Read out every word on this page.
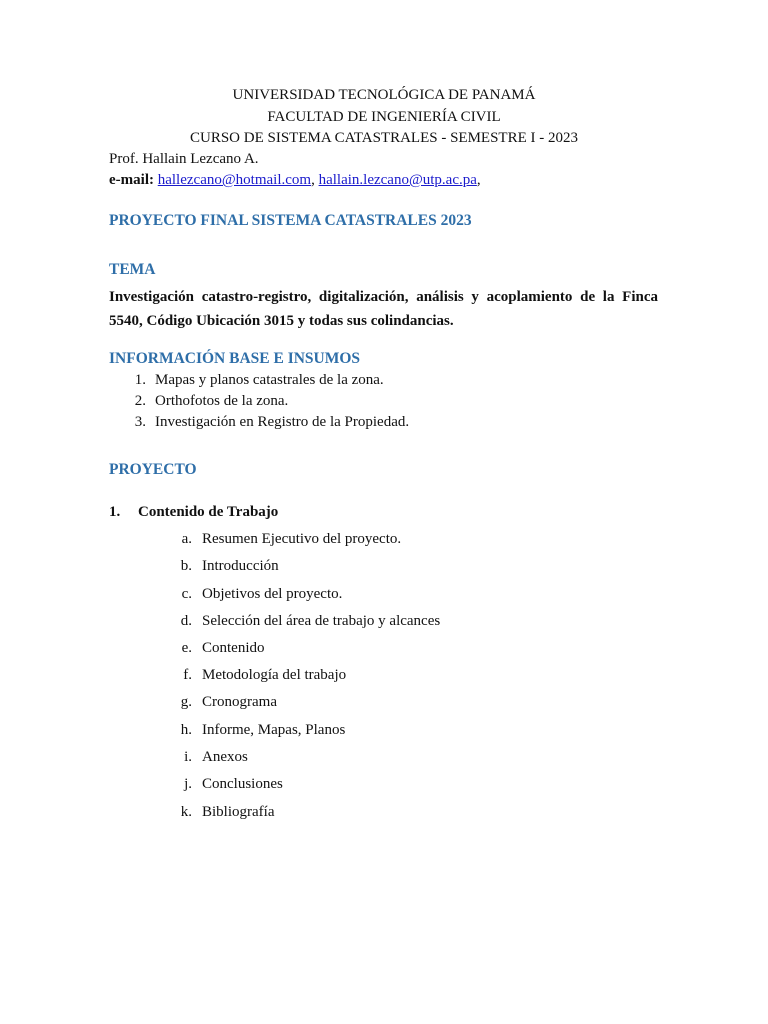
UNIVERSIDAD TECNOLÓGICA DE PANAMÁ
FACULTAD DE INGENIERÍA CIVIL
CURSO DE SISTEMA CATASTRALES - SEMESTRE I - 2023
Prof. Hallain Lezcano A.
e-mail: hallezcano@hotmail.com, hallain.lezcano@utp.ac.pa,
PROYECTO FINAL SISTEMA CATASTRALES 2023
TEMA
Investigación catastro-registro, digitalización, análisis y acoplamiento de la Finca 5540, Código Ubicación 3015 y todas sus colindancias.
INFORMACIÓN BASE E INSUMOS
1. Mapas y planos catastrales de la zona.
2. Orthofotos de la zona.
3. Investigación en Registro de la Propiedad.
PROYECTO
1. Contenido de Trabajo
a. Resumen Ejecutivo del proyecto.
b. Introducción
c. Objetivos del proyecto.
d. Selección del área de trabajo y alcances
e. Contenido
f. Metodología del trabajo
g. Cronograma
h. Informe, Mapas, Planos
i. Anexos
j. Conclusiones
k. Bibliografía
